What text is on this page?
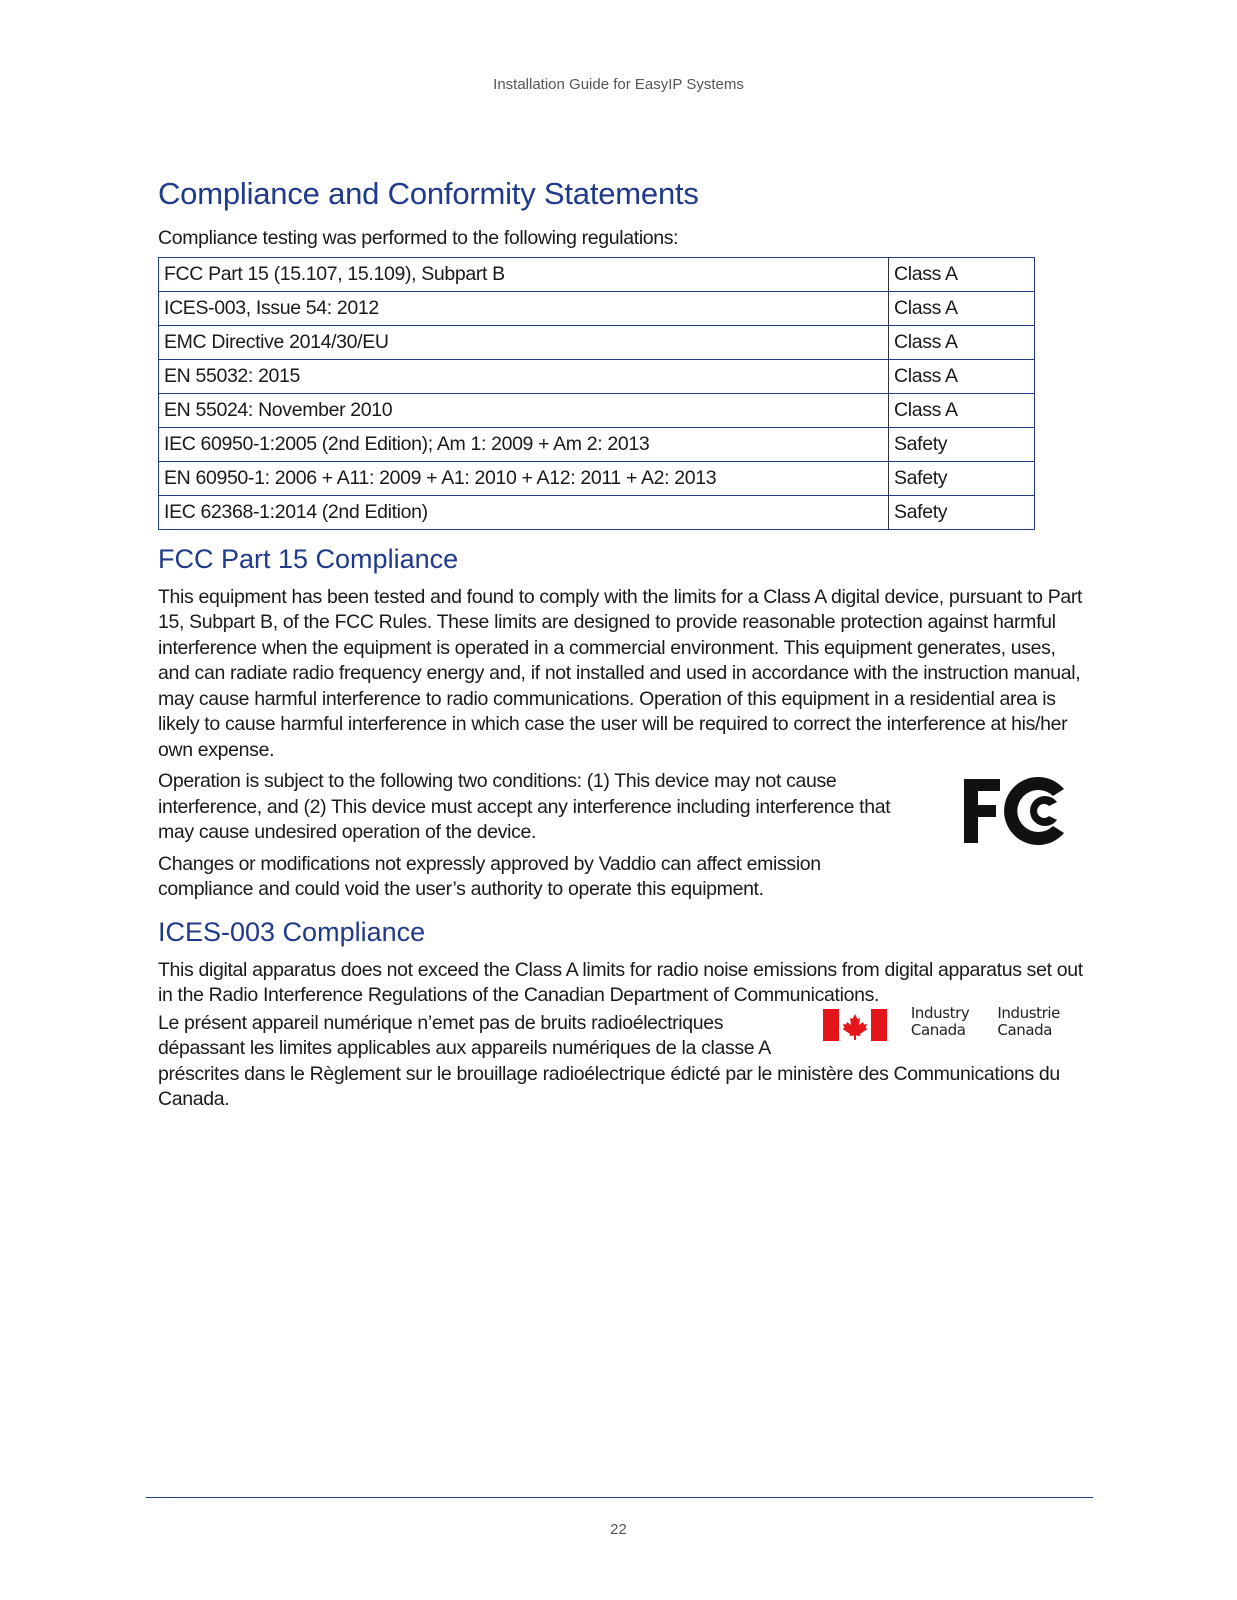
Installation Guide for EasyIP Systems
Compliance and Conformity Statements

Compliance testing was performed to the following regulations:

FCC Part 15 (15.107, 15.109), Subpart B	Class A
ICES-003, Issue 54: 2012	Class A
EMC Directive 2014/30/EU	Class A
EN 55032: 2015	Class A
EN 55024: November 2010	Class A
IEC 60950-1:2005 (2nd Edition); Am 1: 2009 + Am 2: 2013	Safety
EN 60950-1: 2006 + A11: 2009 + A1: 2010 + A12: 2011 + A2: 2013	Safety
IEC 62368-1:2014 (2nd Edition)	Safety
FCC Part 15 Compliance

This equipment has been tested and found to comply with the limits for a Class A digital device, pursuant to Part 15, Subpart B, of the FCC Rules. These limits are designed to provide reasonable protection against harmful interference when the equipment is operated in a commercial environment. This equipment generates, uses, and can radiate radio frequency energy and, if not installed and used in accordance with the instruction manual, may cause harmful interference to radio communications. Operation of this equipment in a residential area is likely to cause harmful interference in which case the user will be required to correct the interference at his/her own expense.

Operation is subject to the following two conditions: (1) This device may not cause interference, and (2) This device must accept any interference including interference that may cause undesired operation of the device.

Changes or modifications not expressly approved by Vaddio can affect emission compliance and could void the user’s authority to operate this equipment.

ICES-003 Compliance

This digital apparatus does not exceed the Class A limits for radio noise emissions from digital apparatus set out in the Radio Interference Regulations of the Canadian Department of Communications.

Le présent appareil numérique n’emet pas de bruits radioélectriques

dépassant les limites applicables aux appareils numériques de la classe A

Industry
Canada
Industrie
Canada

préscrites dans le Règlement sur le brouillage radioélectrique édicté par le ministère des Communications du Canada.

22
